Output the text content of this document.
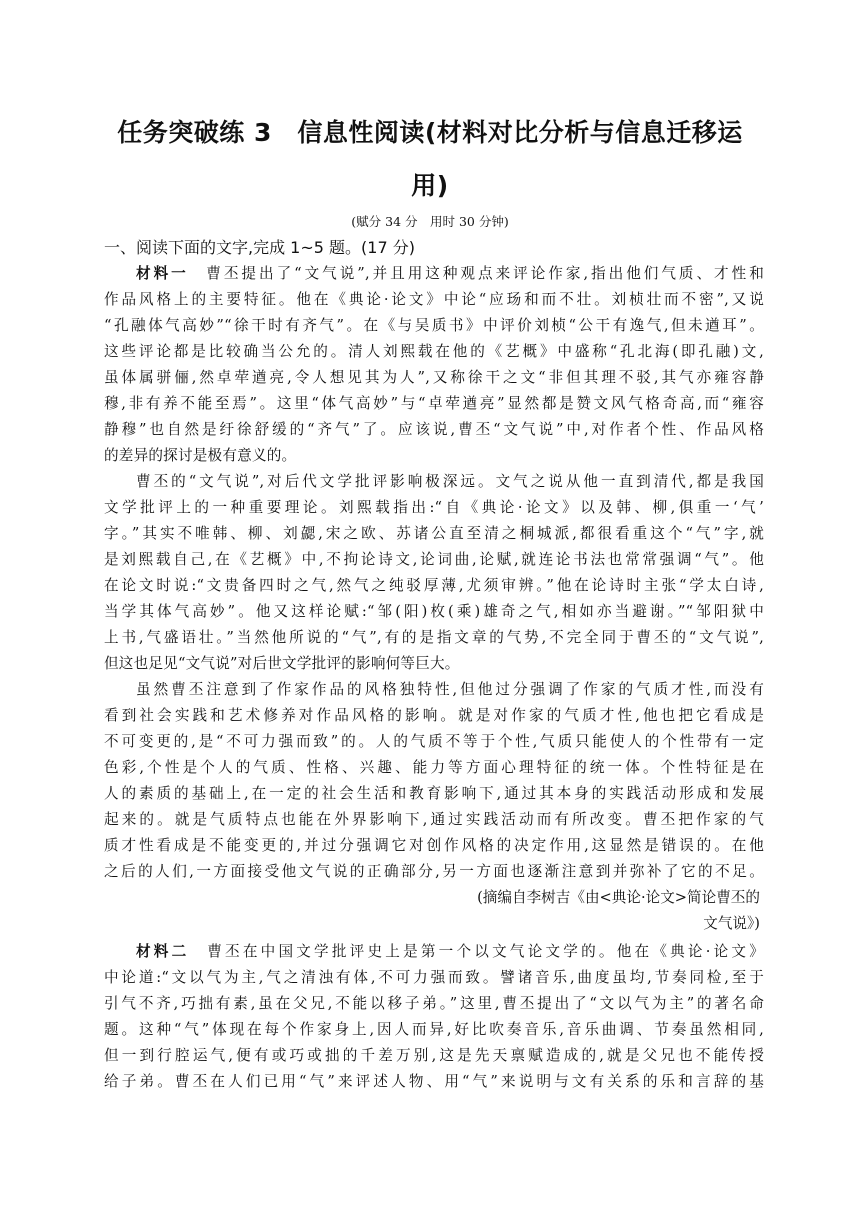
任务突破练 3　信息性阅读(材料对比分析与信息迁移运
用)
(赋分 34 分　用时 30 分钟)
一、阅读下面的文字,完成 1~5 题。(17 分)
材料一　曹丕提出了“文气说”,并且用这种观点来评论作家,指出他们气质、才性和
作品风格上的主要特征。他在《典论·论文》中论“应玚和而不壮。刘桢壮而不密”,又说
“孔融体气高妙”“徐干时有齐气”。在《与吴质书》中评价刘桢“公干有逸气,但未遒耳”。
这些评论都是比较确当公允的。清人刘熙载在他的《艺概》中盛称“孔北海(即孔融)文,
虽体属骈俪,然卓荦遒亮,令人想见其为人”,又称徐干之文“非但其理不驳,其气亦雍容静
穆,非有养不能至焉”。这里“体气高妙”与“卓荦遒亮”显然都是赞文风气格奇高,而“雍容
静穆”也自然是纡徐舒缓的“齐气”了。应该说,曹丕“文气说”中,对作者个性、作品风格
的差异的探讨是极有意义的。
曹丕的“文气说”,对后代文学批评影响极深远。文气之说从他一直到清代,都是我国
文学批评上的一种重要理论。刘熙载指出:“自《典论·论文》以及韩、柳,俱重一‘气’
字。”其实不唯韩、柳、刘勰,宋之欧、苏诸公直至清之桐城派,都很看重这个“气”字,就
是刘熙载自己,在《艺概》中,不拘论诗文,论词曲,论赋,就连论书法也常常强调“气”。他
在论文时说:“文贵备四时之气,然气之纯驳厚薄,尤须审辨。”他在论诗时主张“学太白诗,
当学其体气高妙”。他又这样论赋:“邹(阳)枚(乘)雄奇之气,相如亦当避谢。”“邹阳狱中
上书,气盛语壮。”当然他所说的“气”,有的是指文章的气势,不完全同于曹丕的“文气说”,
但这也足见“文气说”对后世文学批评的影响何等巨大。
虽然曹丕注意到了作家作品的风格独特性,但他过分强调了作家的气质才性,而没有
看到社会实践和艺术修养对作品风格的影响。就是对作家的气质才性,他也把它看成是
不可变更的,是“不可力强而致”的。人的气质不等于个性,气质只能使人的个性带有一定
色彩,个性是个人的气质、性格、兴趣、能力等方面心理特征的统一体。个性特征是在
人的素质的基础上,在一定的社会生活和教育影响下,通过其本身的实践活动形成和发展
起来的。就是气质特点也能在外界影响下,通过实践活动而有所改变。曹丕把作家的气
质才性看成是不能变更的,并过分强调它对创作风格的决定作用,这显然是错误的。在他
之后的人们,一方面接受他文气说的正确部分,另一方面也逐渐注意到并弥补了它的不足。
(摘编自李树吉《由<典论·论文>简论曹丕的
文气说》)
材料二　曹丕在中国文学批评史上是第一个以文气论文学的。他在《典论·论文》
中论道:“文以气为主,气之清浊有体,不可力强而致。譬诸音乐,曲度虽均,节奏同检,至于
引气不齐,巧拙有素,虽在父兄,不能以移子弟。”这里,曹丕提出了“文以气为主”的著名命
题。这种“气”体现在每个作家身上,因人而异,好比吹奏音乐,音乐曲调、节奏虽然相同,
但一到行腔运气,便有或巧或拙的千差万别,这是先天禀赋造成的,就是父兄也不能传授
给子弟。曹丕在人们已用“气”来评述人物、用“气”来说明与文有关系的乐和言辞的基
